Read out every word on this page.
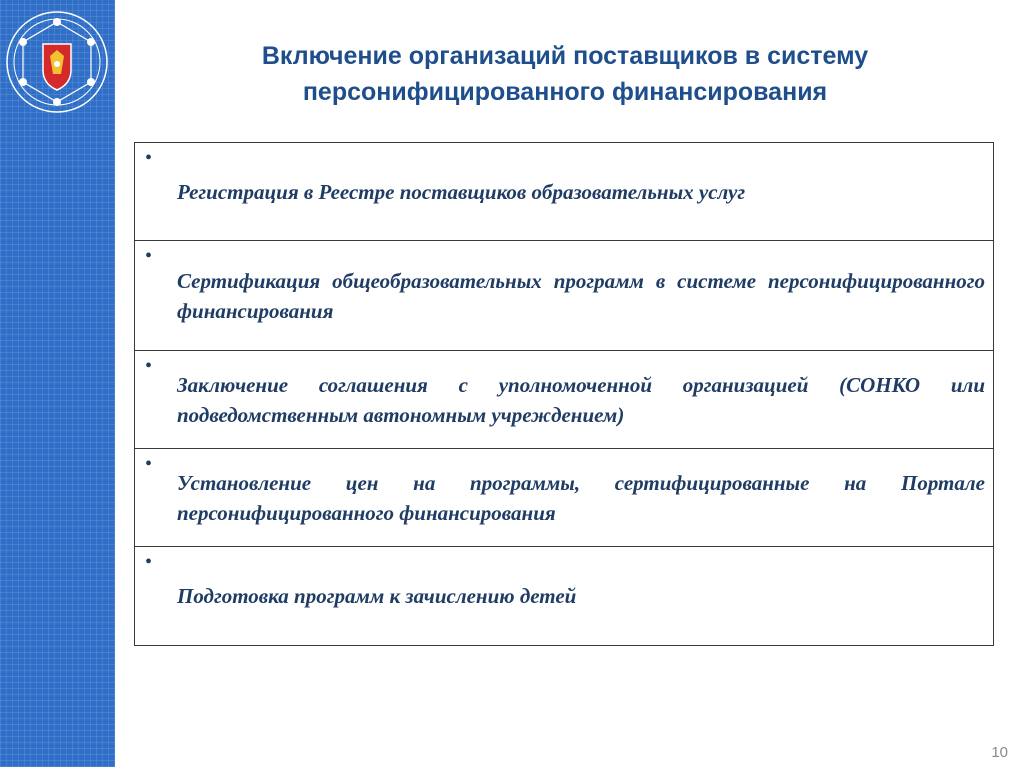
Включение организаций поставщиков в систему
персонифицированного финансирования
•
Регистрация в Реестре поставщиков образовательных услуг
•
Сертификация общеобразовательных программ в системе персонифицированного финансирования
•
Заключение соглашения с уполномоченной организацией (СОНКО или подведомственным автономным учреждением)
•
Установление цен на программы, сертифицированные на Портале персонифицированного финансирования
•
Подготовка программ к зачислению детей
10
